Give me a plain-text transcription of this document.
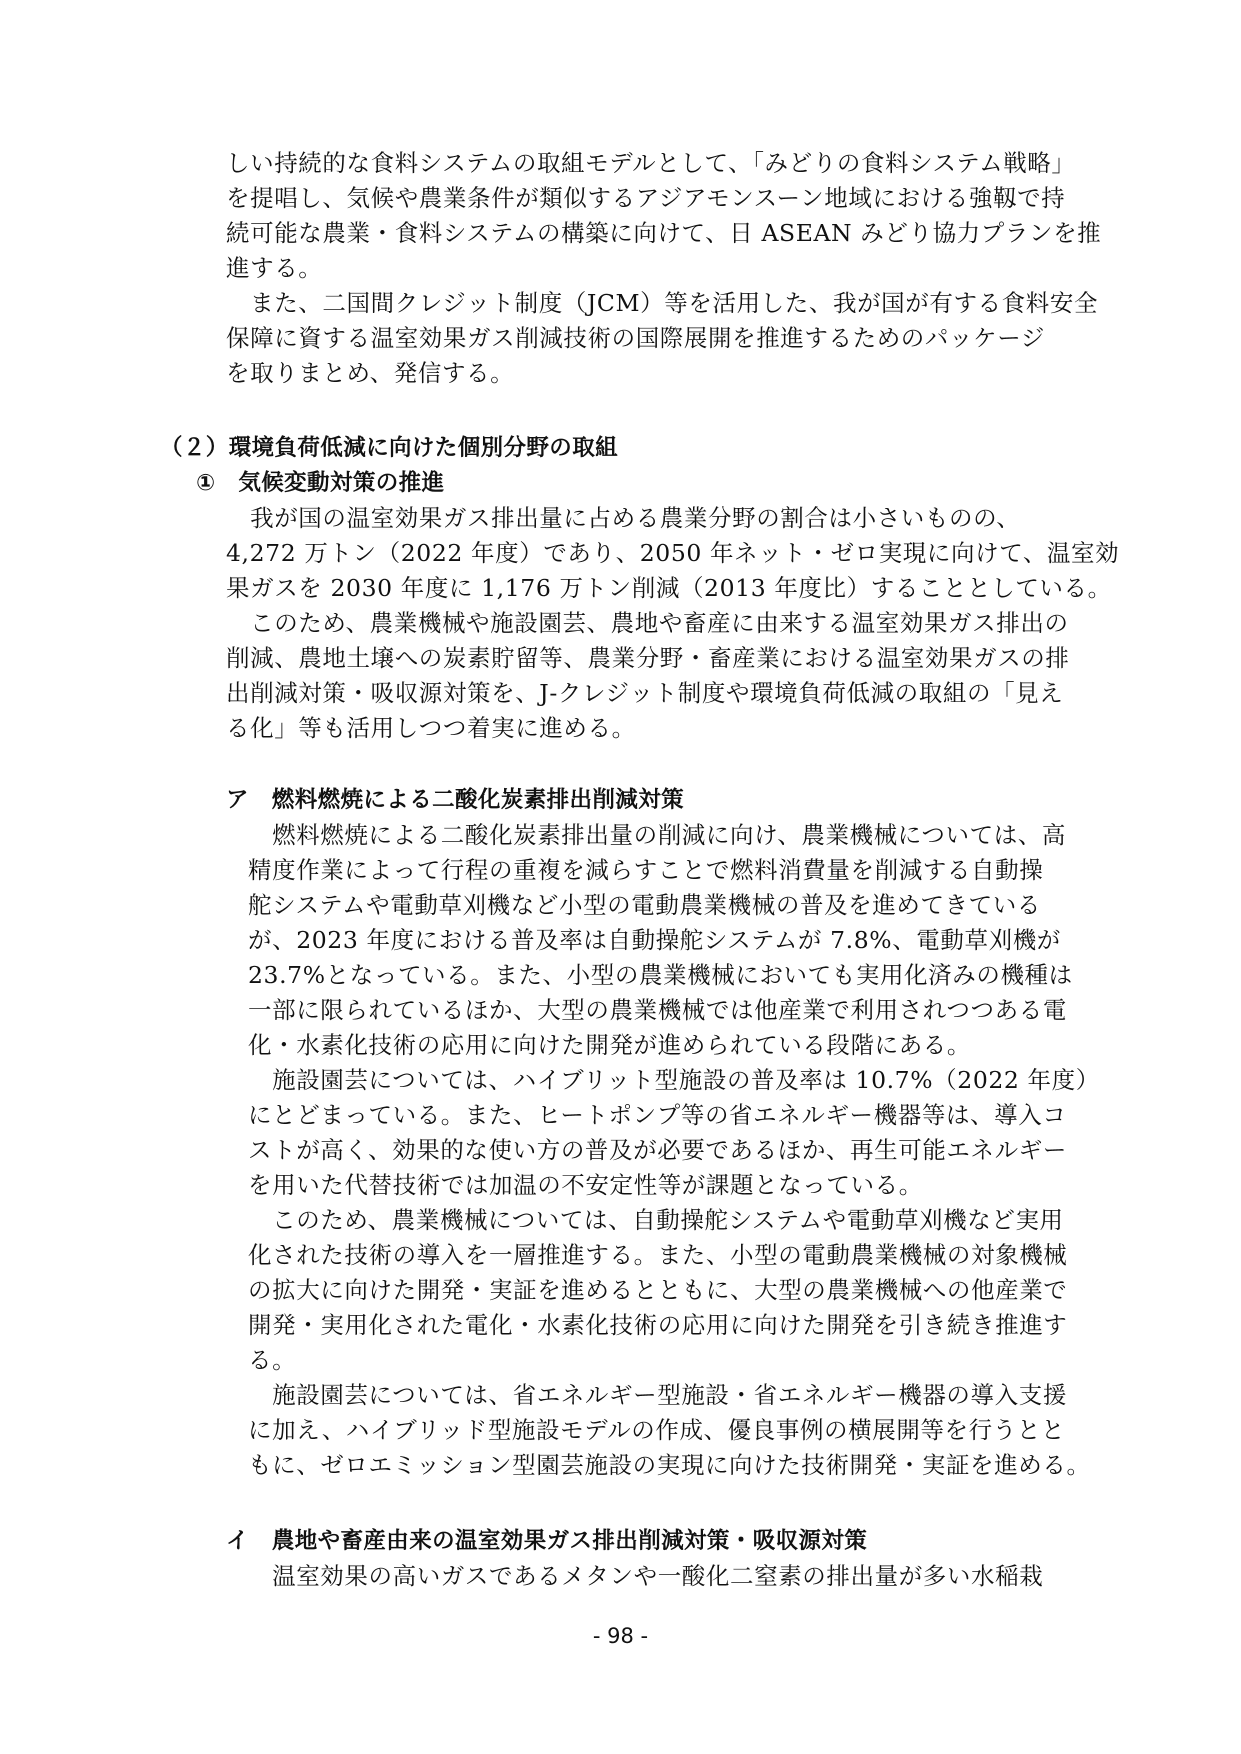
しい持続的な食料システムの取組モデルとして、「みどりの食料システム戦略」
を提唱し、気候や農業条件が類似するアジアモンスーン地域における強靱で持
続可能な農業・食料システムの構築に向けて、日 ASEAN みどり協力プランを推
進する。
　また、二国間クレジット制度（JCM）等を活用した、我が国が有する食料安全
保障に資する温室効果ガス削減技術の国際展開を推進するためのパッケージ
を取りまとめ、発信する。
（２）環境負荷低減に向けた個別分野の取組
①　気候変動対策の推進
　我が国の温室効果ガス排出量に占める農業分野の割合は小さいものの、
4,272 万トン（2022 年度）であり、2050 年ネット・ゼロ実現に向けて、温室効
果ガスを 2030 年度に 1,176 万トン削減（2013 年度比）することとしている。
　このため、農業機械や施設園芸、農地や畜産に由来する温室効果ガス排出の
削減、農地土壌への炭素貯留等、農業分野・畜産業における温室効果ガスの排
出削減対策・吸収源対策を、J-クレジット制度や環境負荷低減の取組の「見え
る化」等も活用しつつ着実に進める。
ア　燃料燃焼による二酸化炭素排出削減対策
　燃料燃焼による二酸化炭素排出量の削減に向け、農業機械については、高
精度作業によって行程の重複を減らすことで燃料消費量を削減する自動操
舵システムや電動草刈機など小型の電動農業機械の普及を進めてきている
が、2023 年度における普及率は自動操舵システムが 7.8%、電動草刈機が
23.7%となっている。また、小型の農業機械においても実用化済みの機種は
一部に限られているほか、大型の農業機械では他産業で利用されつつある電
化・水素化技術の応用に向けた開発が進められている段階にある。
　施設園芸については、ハイブリット型施設の普及率は 10.7%（2022 年度）
にとどまっている。また、ヒートポンプ等の省エネルギー機器等は、導入コ
ストが高く、効果的な使い方の普及が必要であるほか、再生可能エネルギー
を用いた代替技術では加温の不安定性等が課題となっている。
　このため、農業機械については、自動操舵システムや電動草刈機など実用
化された技術の導入を一層推進する。また、小型の電動農業機械の対象機械
の拡大に向けた開発・実証を進めるとともに、大型の農業機械への他産業で
開発・実用化された電化・水素化技術の応用に向けた開発を引き続き推進す
る。
　施設園芸については、省エネルギー型施設・省エネルギー機器の導入支援
に加え、ハイブリッド型施設モデルの作成、優良事例の横展開等を行うとと
もに、ゼロエミッション型園芸施設の実現に向けた技術開発・実証を進める。
イ　農地や畜産由来の温室効果ガス排出削減対策・吸収源対策
　温室効果の高いガスであるメタンや一酸化二窒素の排出量が多い水稲栽
- 98 -
